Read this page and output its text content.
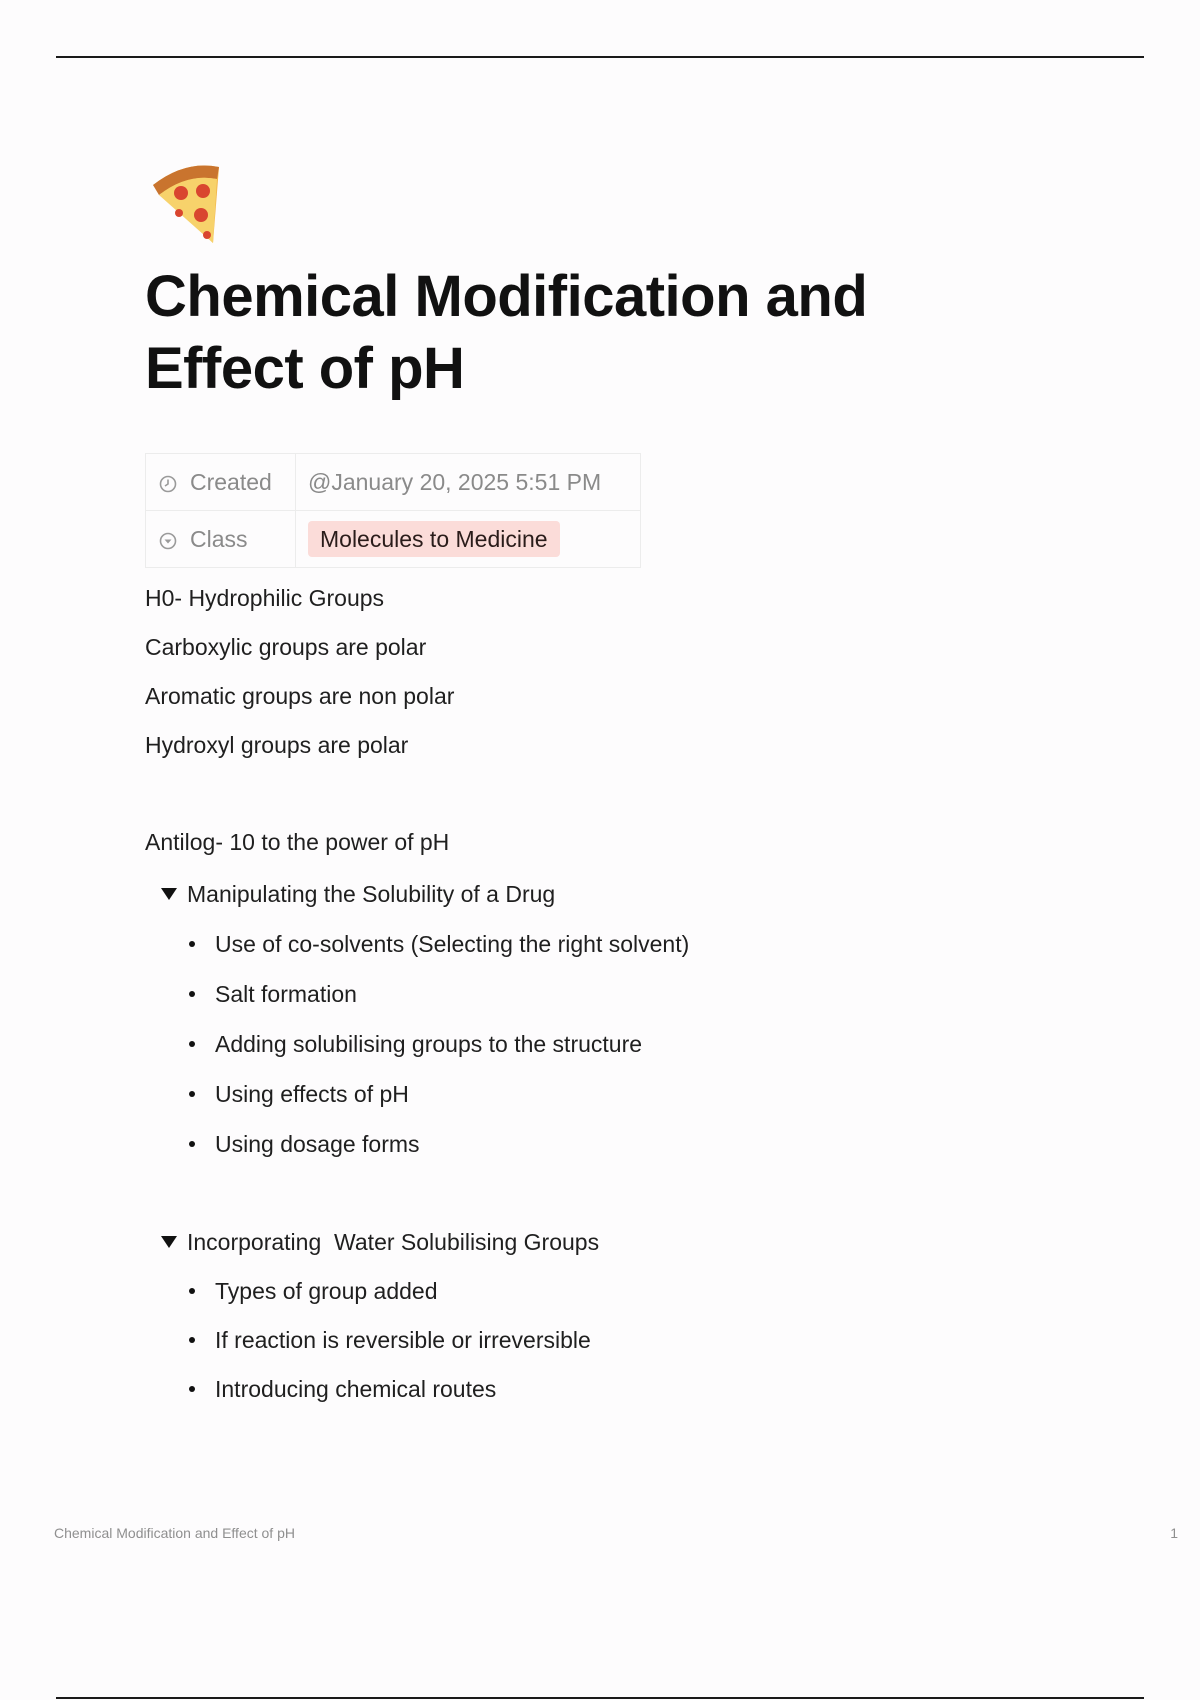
Chemical Modification and
Effect of pH
Created	@January 20, 2025 5:51 PM
Class	Molecules to Medicine

H0- Hydrophilic Groups

Carboxylic groups are polar

Aromatic groups are non polar

Hydroxyl groups are polar

Antilog- 10 to the power of pH

Manipulating the Solubility of a Drug
Use of co-solvents (Selecting the right solvent)
Salt formation
Adding solubilising groups to the structure
Using effects of pH
Using dosage forms
Incorporating  Water Solubilising Groups
Types of group added
If reaction is reversible or irreversible
Introducing chemical routes
Chemical Modification and Effect of pH	1
